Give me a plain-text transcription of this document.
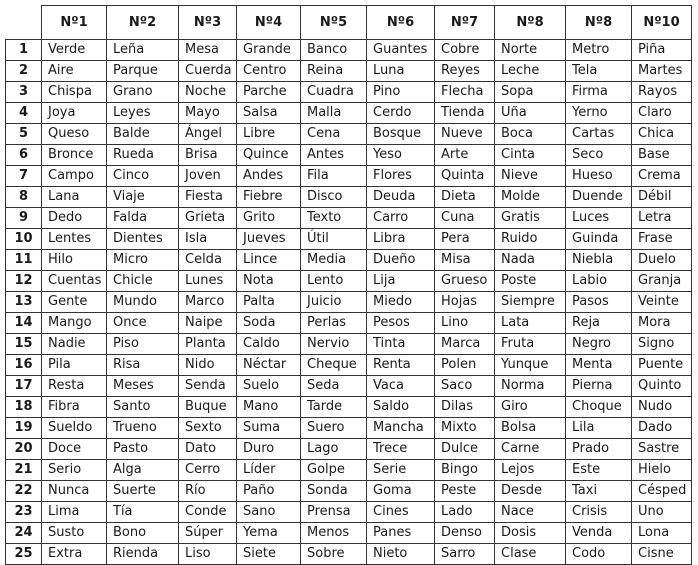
	Nº1	Nº2	Nº3	Nº4	Nº5	Nº6	Nº7	Nº8	Nº8	Nº10
1	Verde	Leña	Mesa	Grande	Banco	Guantes	Cobre	Norte	Metro	Piña
2	Aire	Parque	Cuerda	Centro	Reina	Luna	Reyes	Leche	Tela	Martes
3	Chispa	Grano	Noche	Parche	Cuadra	Pino	Flecha	Sopa	Firma	Rayos
4	Joya	Leyes	Mayo	Salsa	Malla	Cerdo	Tienda	Uña	Yerno	Claro
5	Queso	Balde	Ángel	Libre	Cena	Bosque	Nueve	Boca	Cartas	Chica
6	Bronce	Rueda	Brisa	Quince	Antes	Yeso	Arte	Cinta	Seco	Base
7	Campo	Cinco	Joven	Andes	Fila	Flores	Quinta	Nieve	Hueso	Crema
8	Lana	Viaje	Fiesta	Fiebre	Disco	Deuda	Dieta	Molde	Duende	Débil
9	Dedo	Falda	Grieta	Grito	Texto	Carro	Cuna	Gratis	Luces	Letra
10	Lentes	Dientes	Isla	Jueves	Útil	Libra	Pera	Ruido	Guinda	Frase
11	Hilo	Micro	Celda	Lince	Media	Dueño	Misa	Nada	Niebla	Duelo
12	Cuentas	Chicle	Lunes	Nota	Lento	Lija	Grueso	Poste	Labio	Granja
13	Gente	Mundo	Marco	Palta	Juicio	Miedo	Hojas	Siempre	Pasos	Veinte
14	Mango	Once	Naipe	Soda	Perlas	Pesos	Lino	Lata	Reja	Mora
15	Nadie	Piso	Planta	Caldo	Nervio	Tinta	Marca	Fruta	Negro	Signo
16	Pila	Risa	Nido	Néctar	Cheque	Renta	Polen	Yunque	Menta	Puente
17	Resta	Meses	Senda	Suelo	Seda	Vaca	Saco	Norma	Pierna	Quinto
18	Fibra	Santo	Buque	Mano	Tarde	Saldo	Dilas	Giro	Choque	Nudo
19	Sueldo	Trueno	Sexto	Suma	Suero	Mancha	Mixto	Bolsa	Lila	Dado
20	Doce	Pasto	Dato	Duro	Lago	Trece	Dulce	Carne	Prado	Sastre
21	Serio	Alga	Cerro	Líder	Golpe	Serie	Bingo	Lejos	Este	Hielo
22	Nunca	Suerte	Río	Paño	Sonda	Goma	Peste	Desde	Taxi	Césped
23	Lima	Tía	Conde	Sano	Prensa	Cines	Lado	Nace	Crisis	Uno
24	Susto	Bono	Súper	Yema	Menos	Panes	Denso	Dosis	Venda	Lona
25	Extra	Rienda	Liso	Siete	Sobre	Nieto	Sarro	Clase	Codo	Cisne
